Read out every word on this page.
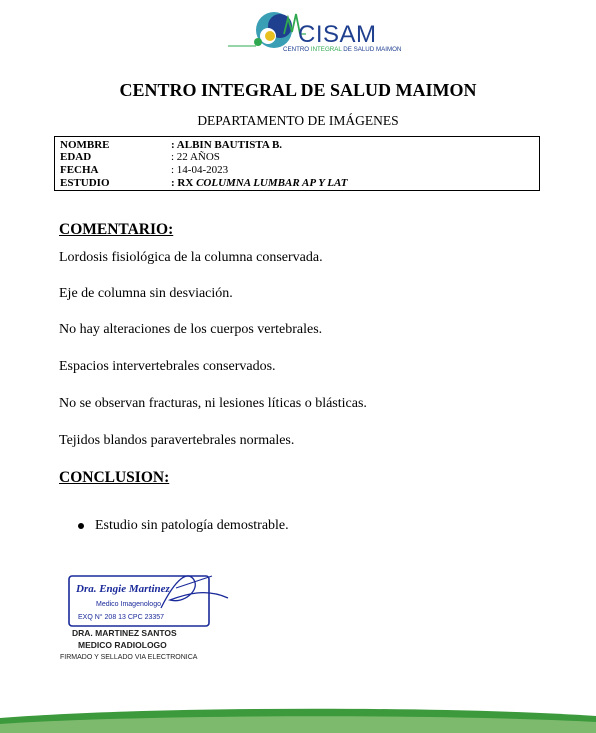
CISAM
CENTRO INTEGRAL DE SALUD MAIMON
CENTRO INTEGRAL DE SALUD MAIMON
DEPARTAMENTO DE IMÁGENES
NOMBRE	: ALBIN BAUTISTA B.
EDAD	: 22 AÑOS
FECHA	: 14-04-2023
ESTUDIO	: RX COLUMNA LUMBAR AP Y LAT
COMENTARIO:
Lordosis fisiológica de la columna conservada.
Eje de columna sin desviación.
No hay alteraciones de los cuerpos vertebrales.
Espacios intervertebrales conservados.
No se observan fracturas, ni lesiones líticas o blásticas.
Tejidos blandos paravertebrales normales.
CONCLUSION:
Estudio sin patología demostrable.
Dra. Engie Martinez
Medico Imagenologo
EXQ N° 208 13 CPC 23357
DRA. MARTINEZ SANTOS
MEDICO RADIOLOGO
FIRMADO Y SELLADO VIA ELECTRONICA
